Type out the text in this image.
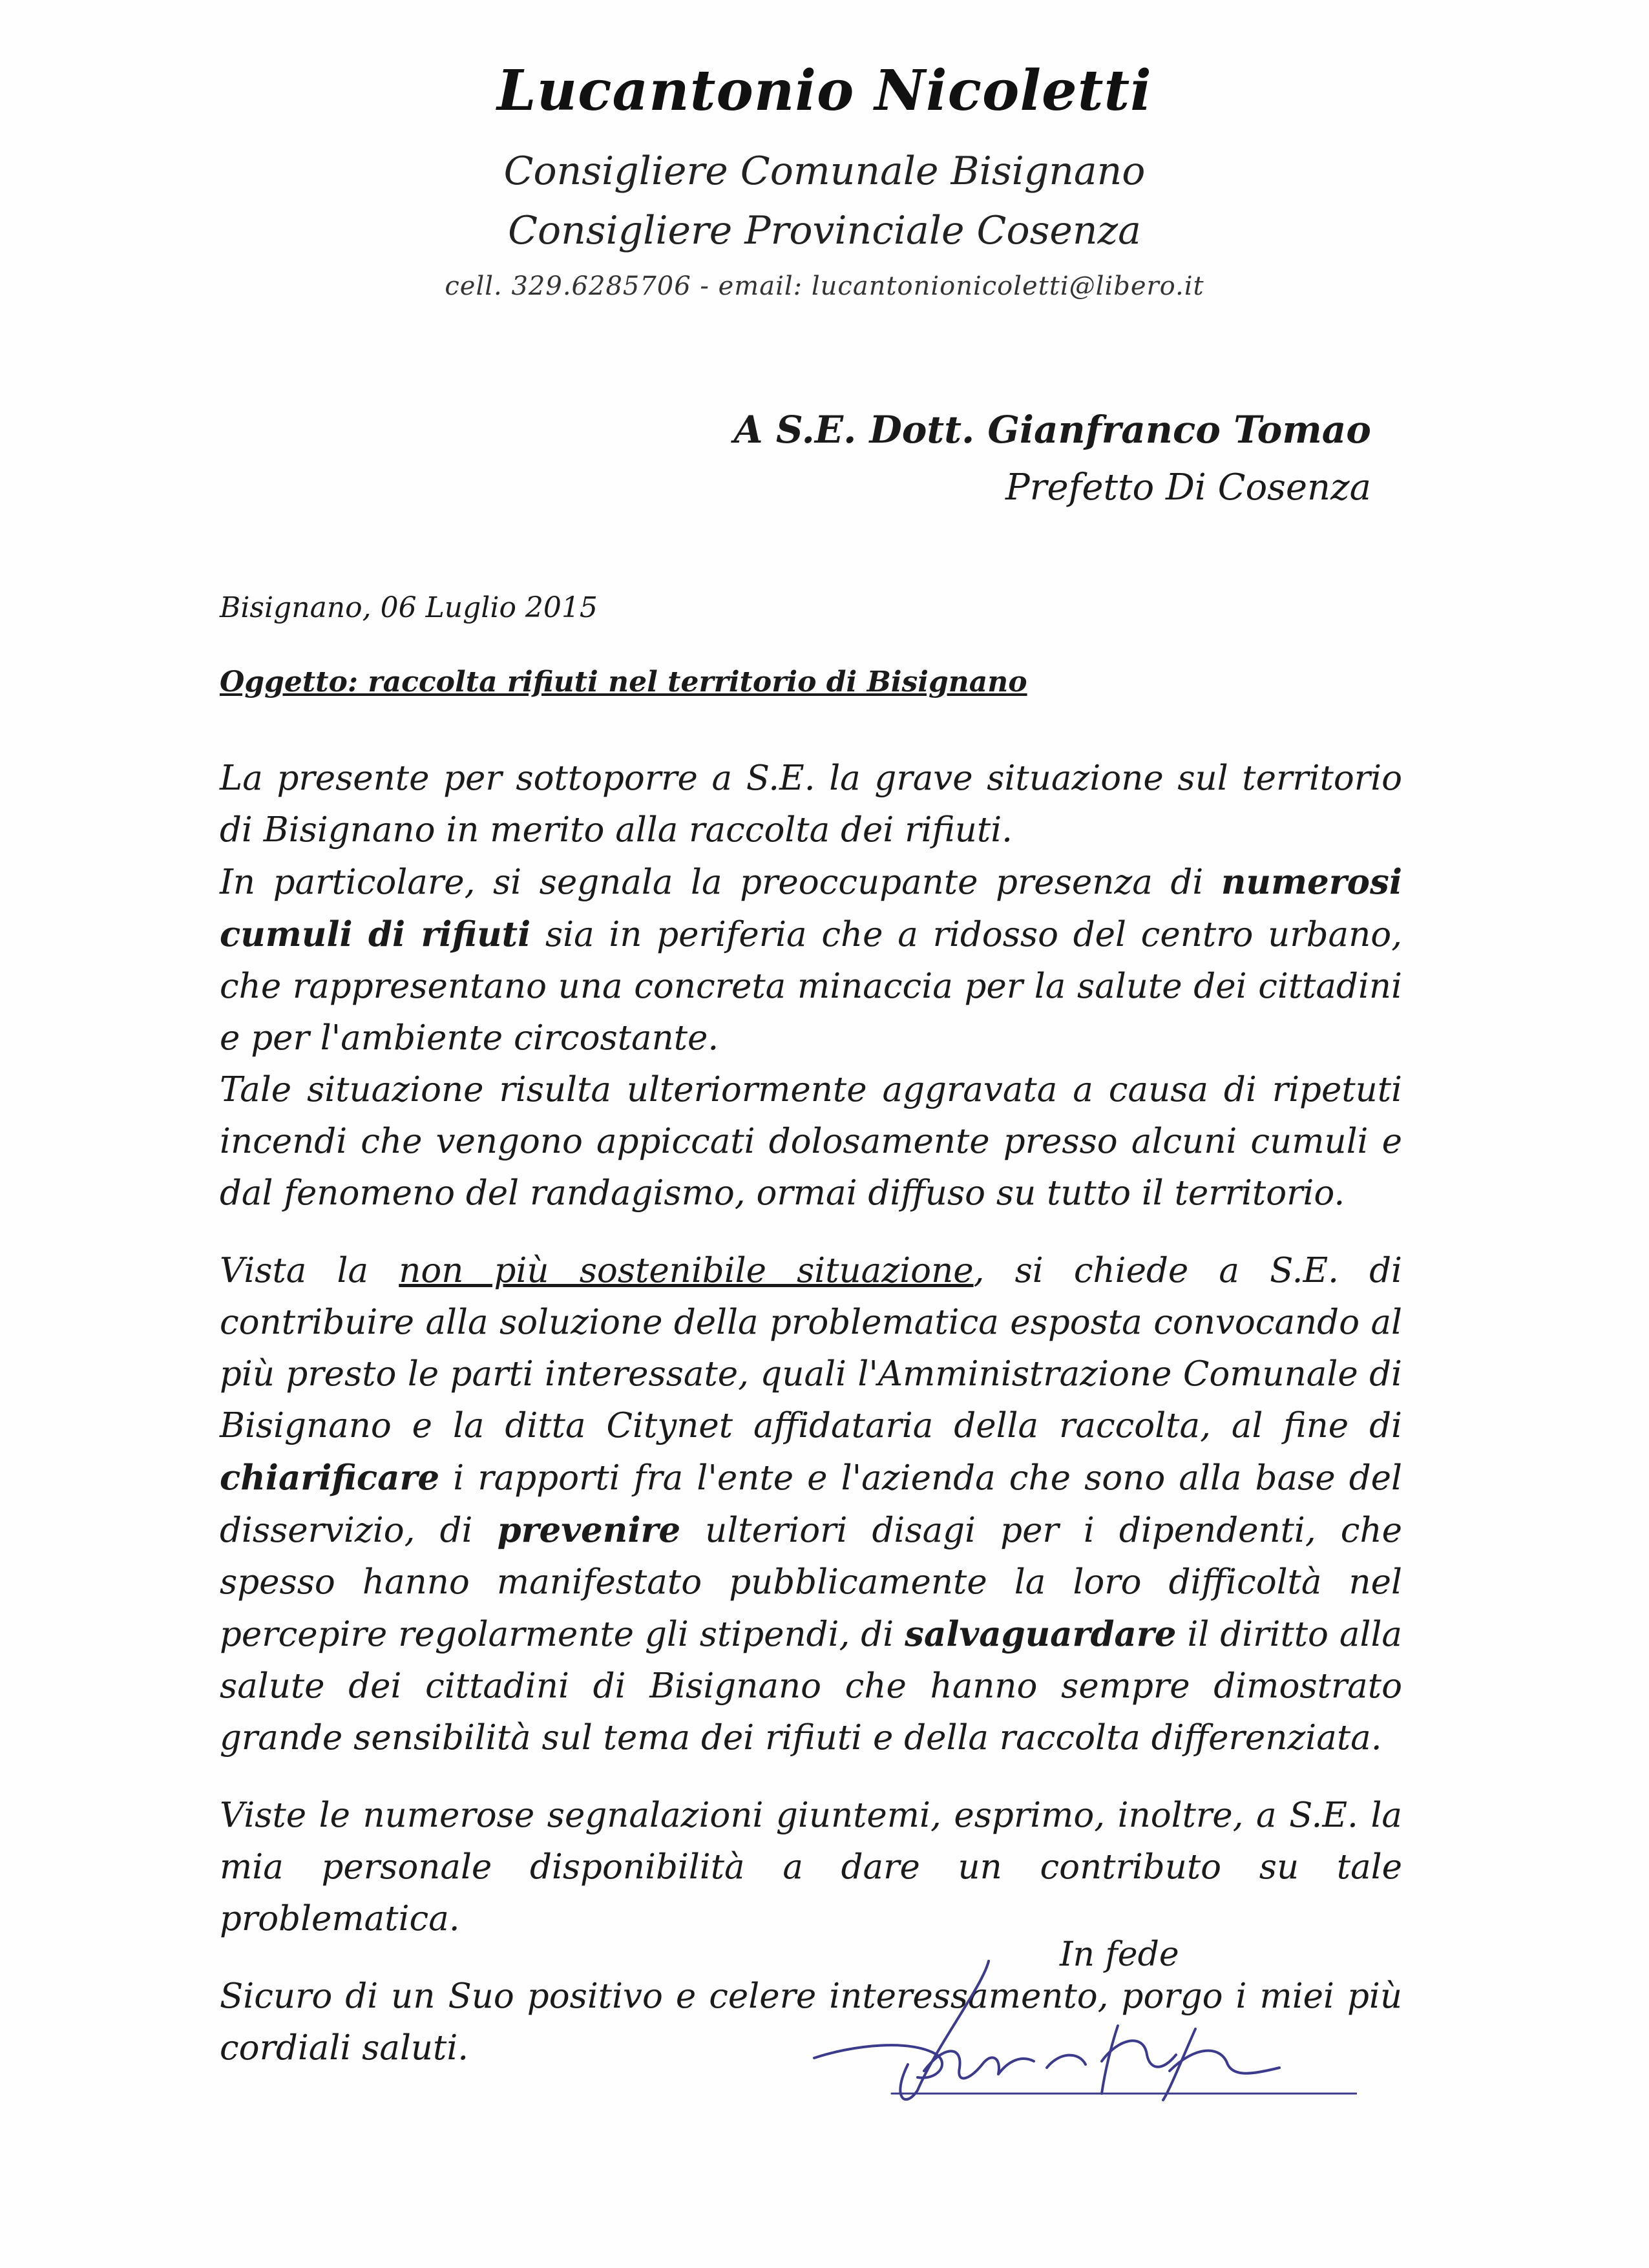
Lucantonio Nicoletti
Consigliere Comunale Bisignano
Consigliere Provinciale Cosenza
cell. 329.6285706 - email: lucantonionicoletti@libero.it
A S.E. Dott. Gianfranco Tomao
Prefetto Di Cosenza
Bisignano, 06 Luglio 2015
Oggetto: raccolta rifiuti nel territorio di Bisignano

La presente per sottoporre a S.E. la grave situazione sul territorio di Bisignano in merito alla raccolta dei rifiuti.

In particolare, si segnala la preoccupante presenza di numerosi cumuli di rifiuti sia in periferia che a ridosso del centro urbano, che rappresentano una concreta minaccia per la salute dei cittadini e per l'ambiente circostante.

Tale situazione risulta ulteriormente aggravata a causa di ripetuti incendi che vengono appiccati dolosamente presso alcuni cumuli e dal fenomeno del randagismo, ormai diffuso su tutto il territorio.

Vista la non più sostenibile situazione, si chiede a S.E. di contribuire alla soluzione della problematica esposta convocando al più presto le parti interessate, quali l'Amministrazione Comunale di Bisignano e la ditta Citynet affidataria della raccolta, al fine di chiarificare i rapporti fra l'ente e l'azienda che sono alla base del disservizio, di prevenire ulteriori disagi per i dipendenti, che spesso hanno manifestato pubblicamente la loro difficoltà nel percepire regolarmente gli stipendi, di salvaguardare il diritto alla salute dei cittadini di Bisignano che hanno sempre dimostrato grande sensibilità sul tema dei rifiuti e della raccolta differenziata.

Viste le numerose segnalazioni giuntemi, esprimo, inoltre, a S.E. la mia personale disponibilità a dare un contributo su tale problematica.

Sicuro di un Suo positivo e celere interessamento, porgo i miei più cordiali saluti.

In fede
